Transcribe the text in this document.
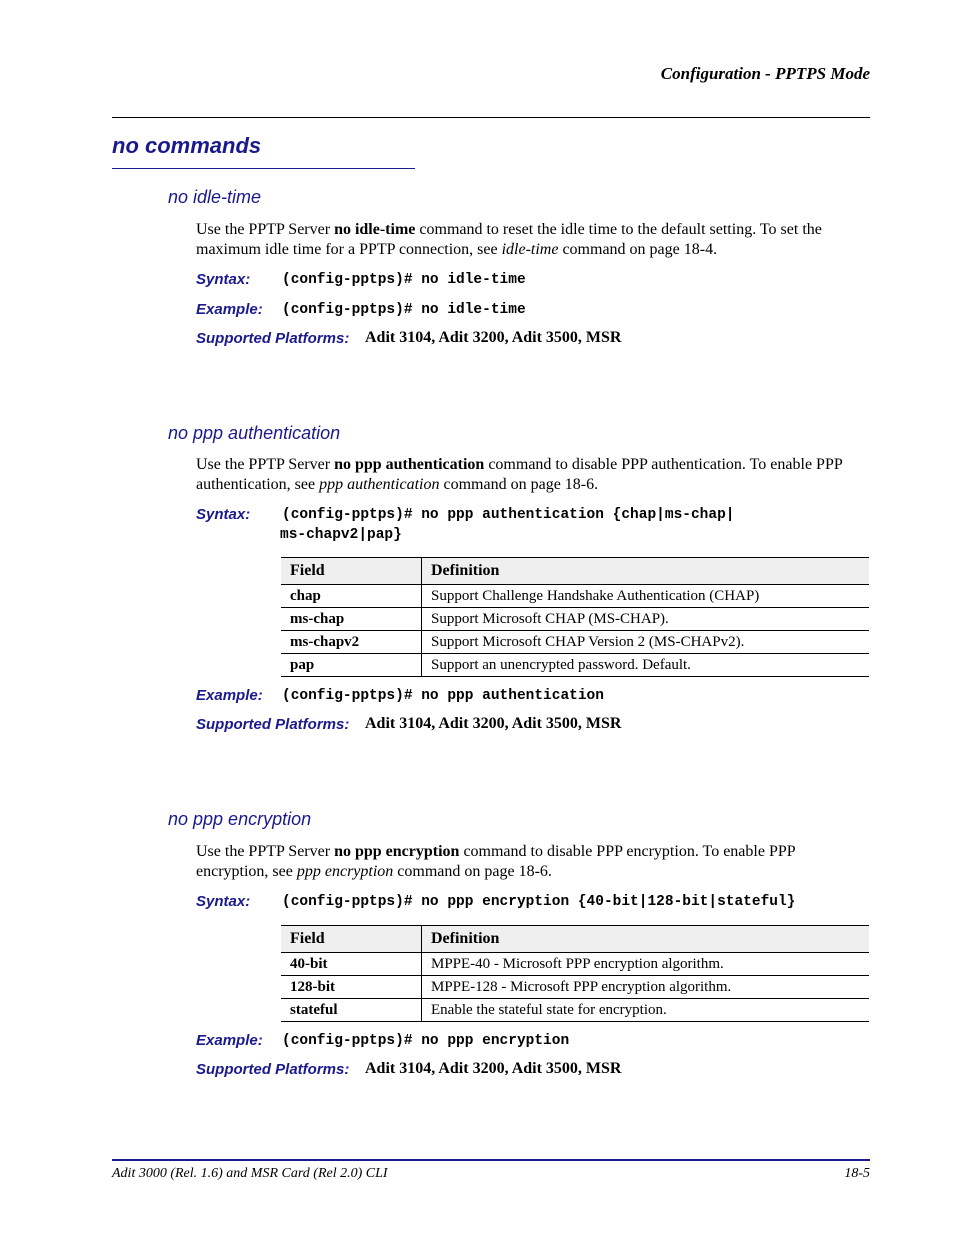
Configuration - PPTPS Mode
no commands
no idle-time
Use the PPTP Server no idle-time command to reset the idle time to the default setting. To set the maximum idle time for a PPTP connection, see idle-time command on page 18-4.
Syntax: (config-pptps)# no idle-time
Example: (config-pptps)# no idle-time
Supported Platforms: Adit 3104, Adit 3200, Adit 3500, MSR
no ppp authentication
Use the PPTP Server no ppp authentication command to disable PPP authentication. To enable PPP authentication, see ppp authentication command on page 18-6.
Syntax: (config-pptps)# no ppp authentication {chap|ms-chap|
ms-chapv2|pap}
Field	Definition
chap	Support Challenge Handshake Authentication (CHAP)
ms-chap	Support Microsoft CHAP (MS-CHAP).
ms-chapv2	Support Microsoft CHAP Version 2 (MS-CHAPv2).
pap	Support an unencrypted password. Default.
Example: (config-pptps)# no ppp authentication
Supported Platforms: Adit 3104, Adit 3200, Adit 3500, MSR
no ppp encryption
Use the PPTP Server no ppp encryption command to disable PPP encryption. To enable PPP encryption, see ppp encryption command on page 18-6.
Syntax: (config-pptps)# no ppp encryption {40-bit|128-bit|stateful}
Field	Definition
40-bit	MPPE-40 - Microsoft PPP encryption algorithm.
128-bit	MPPE-128 - Microsoft PPP encryption algorithm.
stateful	Enable the stateful state for encryption.
Example: (config-pptps)# no ppp encryption
Supported Platforms: Adit 3104, Adit 3200, Adit 3500, MSR
Adit 3000 (Rel. 1.6) and MSR Card (Rel 2.0) CLI	18-5
